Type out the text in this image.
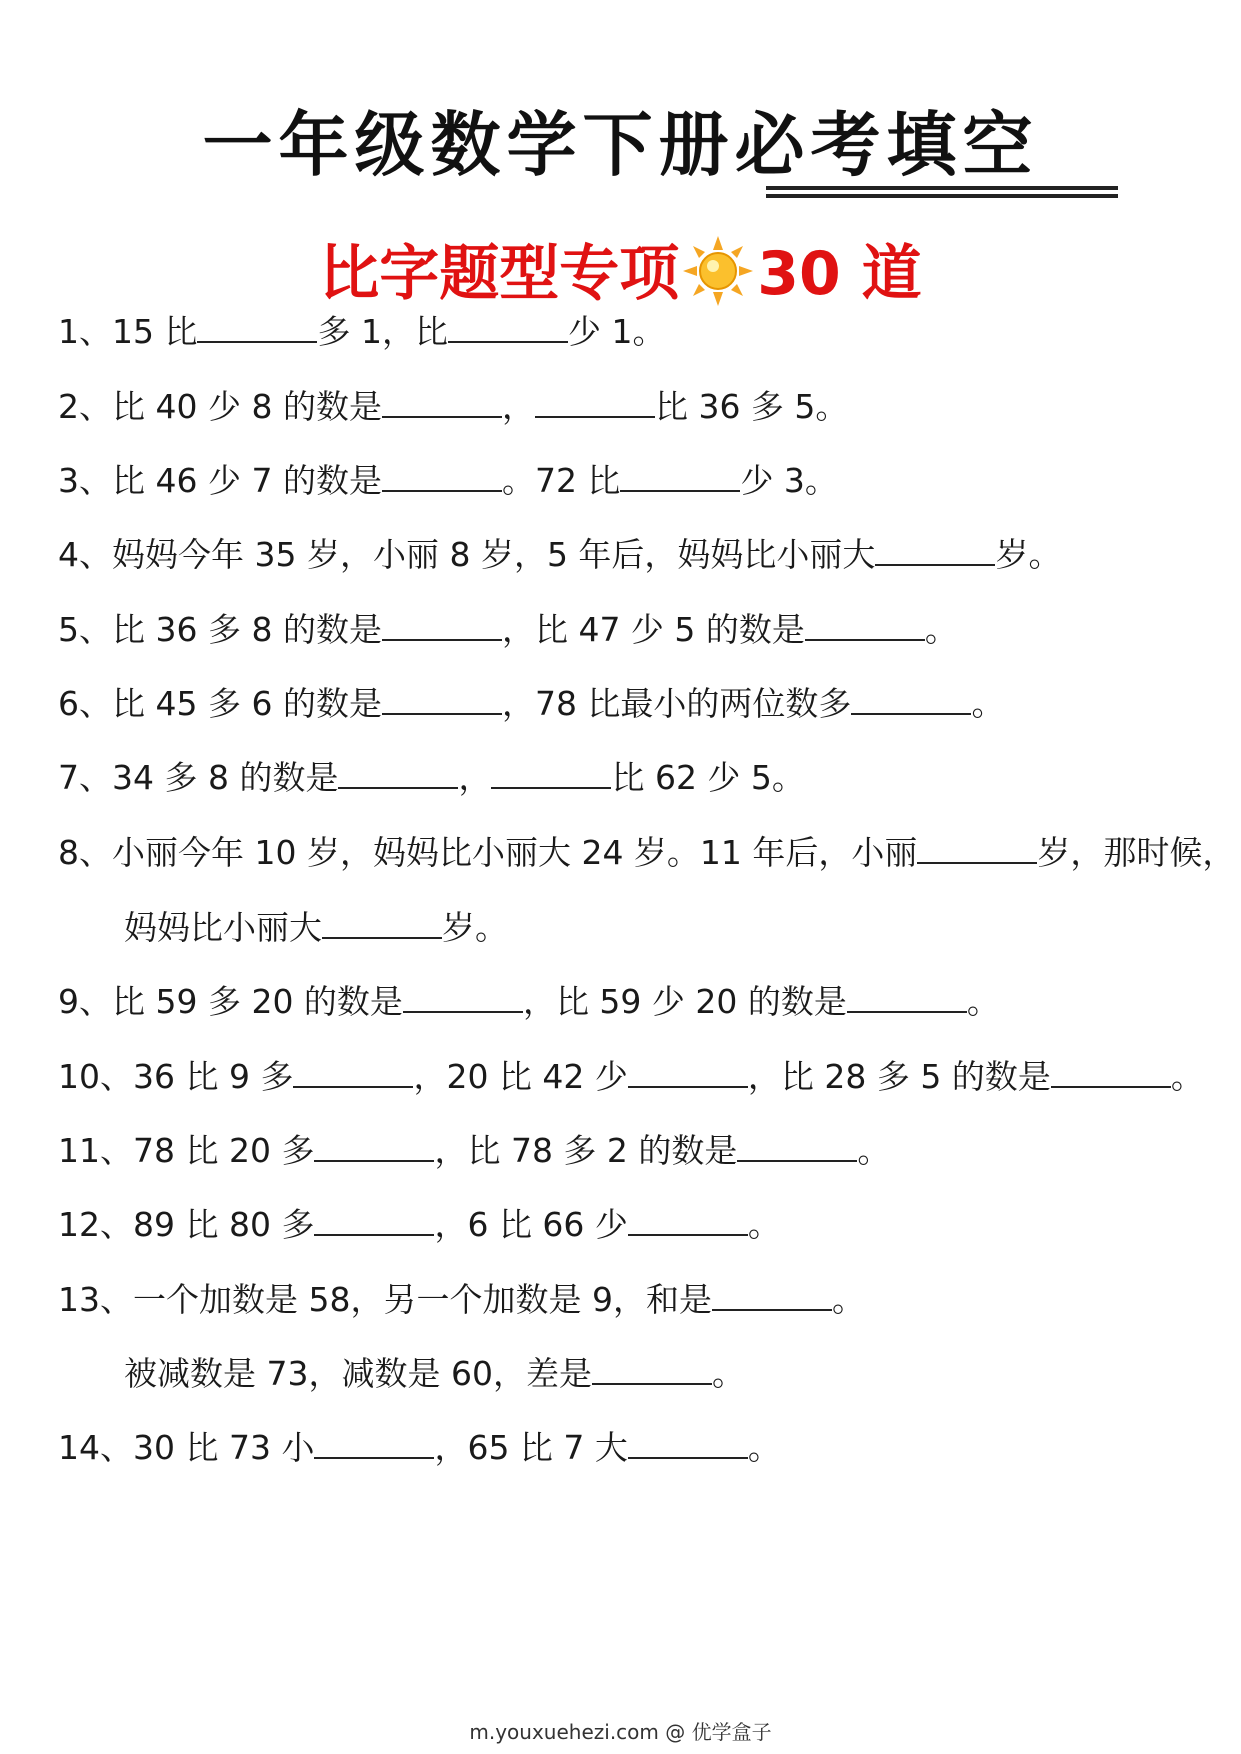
一年级数学下册必考填空
比字题型专项 30 道
1、15 比	多 1，比	少 1。
2、比 40 少 8 的数是	，	比 36 多 5。
3、比 46 少 7 的数是	。72 比	少 3。
4、妈妈今年 35 岁，小丽 8 岁，5 年后，妈妈比小丽大	岁。
5、比 36 多 8 的数是	，比 47 少 5 的数是	。
6、比 45 多 6 的数是	，78 比最小的两位数多	。
7、34 多 8 的数是	，	比 62 少 5。
8、小丽今年 10 岁，妈妈比小丽大 24 岁。11 年后，小丽	岁，那时候，
妈妈比小丽大	岁。
9、比 59 多 20 的数是	，比 59 少 20 的数是	。
10、36 比 9 多	，20 比 42 少	，比 28 多 5 的数是	。
11、78 比 20 多	，比 78 多 2 的数是	。
12、89 比 80 多	，6 比 66 少	。
13、一个加数是 58，另一个加数是 9，和是	。
被减数是 73，减数是 60，差是	。
14、30 比 73 小	，65 比 7 大	。
m.youxuehezi.com @ 优学盒子
